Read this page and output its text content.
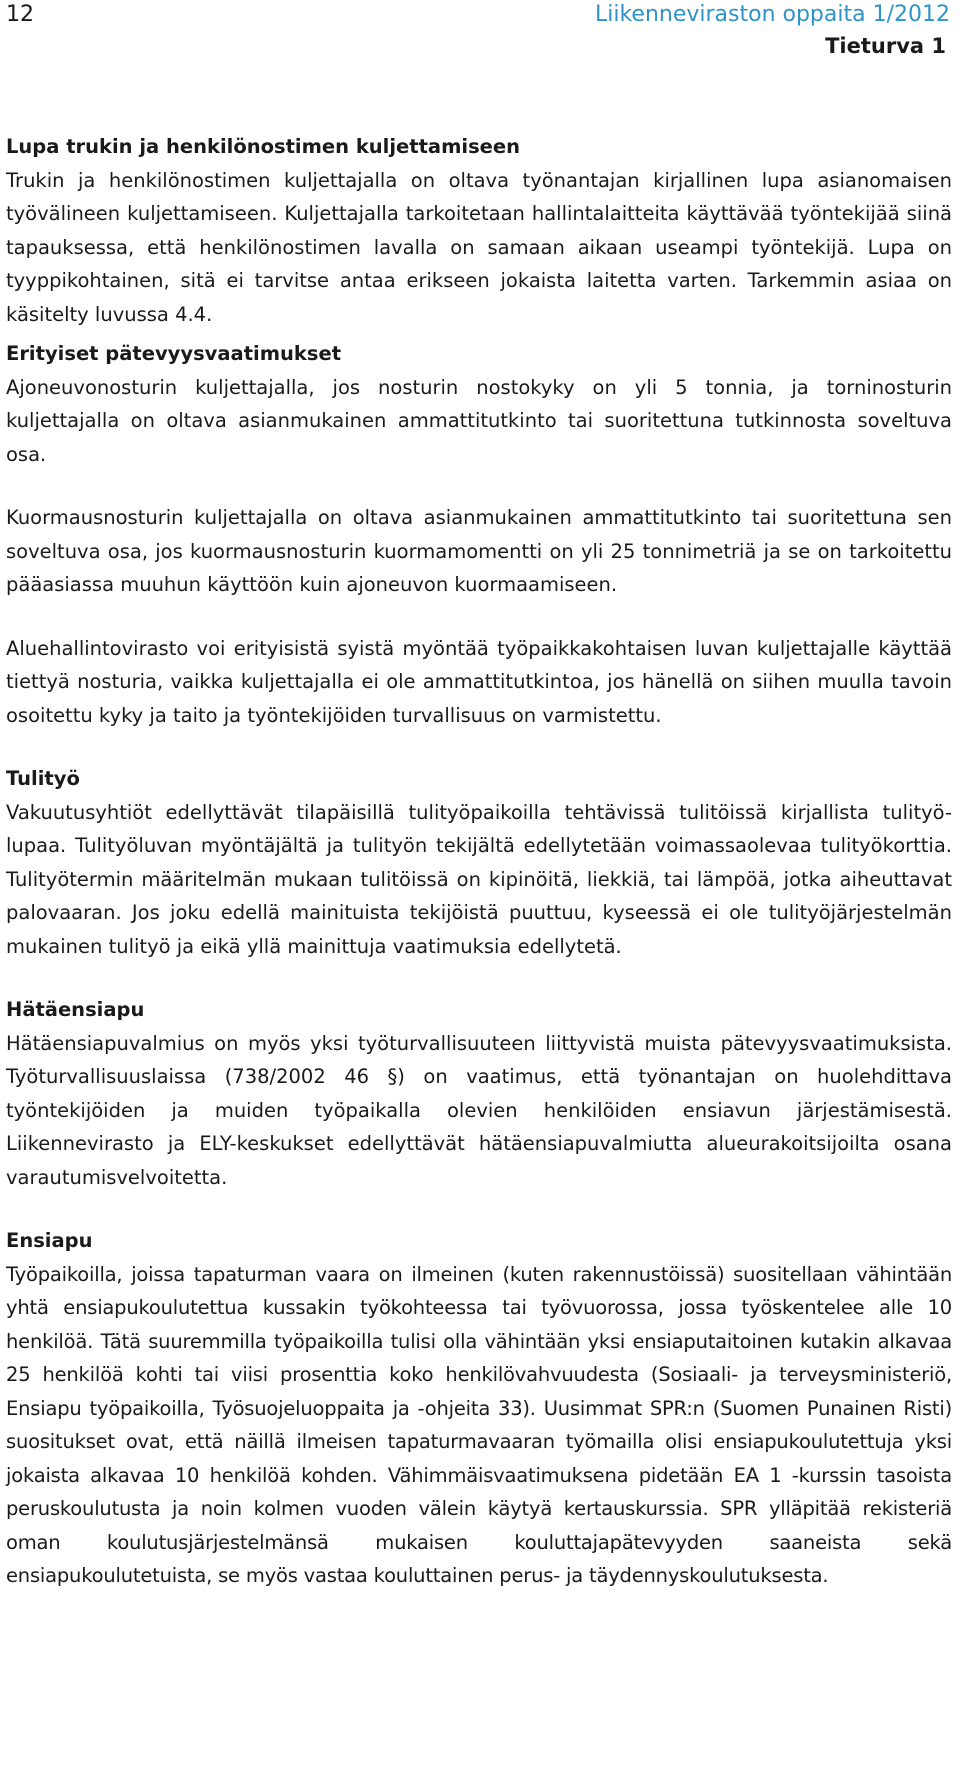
12	Liikenneviraston oppaita 1/2012
Tieturva 1
Lupa trukin ja henkilönostimen kuljettamiseen

Trukin ja henkilönostimen kuljettajalla on oltava työnantajan kirjallinen lupa asianomaisen työvälineen kuljettamiseen. Kuljettajalla tarkoitetaan hallintalaitteita käyttävää työntekijää siinä tapauksessa, että henkilönostimen lavalla on samaan aikaan useampi työntekijä. Lupa on tyyppikohtainen, sitä ei tarvitse antaa erikseen jokaista laitetta varten. Tarkemmin asiaa on käsitelty luvussa 4.4.

Erityiset pätevyysvaatimukset

Ajoneuvonosturin kuljettajalla, jos nosturin nostokyky on yli 5 tonnia, ja torninosturin kuljettajalla on oltava asianmukainen ammattitutkinto tai suoritettuna tutkinnosta soveltuva osa.

Kuormausnosturin kuljettajalla on oltava asianmukainen ammattitutkinto tai suoritettuna sen soveltuva osa, jos kuormausnosturin kuormamomentti on yli 25 tonnimetriä ja se on tarkoitettu pääasiassa muuhun käyttöön kuin ajoneuvon kuormaamiseen.

Aluehallintovirasto voi erityisistä syistä myöntää työpaikkakohtaisen luvan kuljettajalle käyttää tiettyä nosturia, vaikka kuljettajalla ei ole ammattitutkintoa, jos hänellä on siihen muulla tavoin osoitettu kyky ja taito ja työntekijöiden turvallisuus on varmistettu.

Tulityö

Vakuutusyhtiöt edellyttävät tilapäisillä tulityöpaikoilla tehtävissä tulitöissä kirjallista tulityö-lupaa. Tulityöluvan myöntäjältä ja tulityön tekijältä edellytetään voimassaolevaa tulityökorttia. Tulityötermin määritelmän mukaan tulitöissä on kipinöitä, liekkiä, tai lämpöä, jotka aiheuttavat palovaaran. Jos joku edellä mainituista tekijöistä puuttuu, kyseessä ei ole tulityöjärjestelmän mukainen tulityö ja eikä yllä mainittuja vaatimuksia edellytetä.

Hätäensiapu

Hätäensiapuvalmius on myös yksi työturvallisuuteen liittyvistä muista pätevyysvaatimuksista. Työturvallisuuslaissa (738/2002 46 §) on vaatimus, että työnantajan on huolehdittava työntekijöiden ja muiden työpaikalla olevien henkilöiden ensiavun järjestämisestä. Liikennevirasto ja ELY-keskukset edellyttävät hätäensiapuvalmiutta alueurakoitsijoilta osana varautumisvelvoitetta.

Ensiapu

Työpaikoilla, joissa tapaturman vaara on ilmeinen (kuten rakennustöissä) suositellaan vähintään yhtä ensiapukoulutettua kussakin työkohteessa tai työvuorossa, jossa työskentelee alle 10 henkilöä. Tätä suuremmilla työpaikoilla tulisi olla vähintään yksi ensiaputaitoinen kutakin alkavaa 25 henkilöä kohti tai viisi prosenttia koko henkilövahvuudesta (Sosiaali- ja terveysministeriö, Ensiapu työpaikoilla, Työsuojeluoppaita ja -ohjeita 33). Uusimmat SPR:n (Suomen Punainen Risti) suositukset ovat, että näillä ilmeisen tapaturmavaaran työmailla olisi ensiapukoulutettuja yksi jokaista alkavaa 10 henkilöä kohden. Vähimmäisvaatimuksena pidetään EA 1 -kurssin tasoista peruskoulutusta ja noin kolmen vuoden välein käytyä kertauskurssia. SPR ylläpitää rekisteriä oman koulutusjärjestelmänsä mukaisen kouluttajapätevyyden saaneista sekä ensiapukoulutetuista, se myös vastaa kouluttainen perus- ja täydennyskoulutuksesta.
